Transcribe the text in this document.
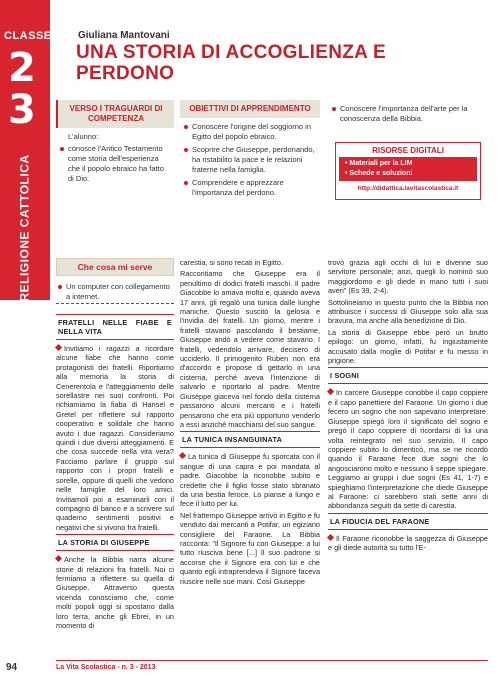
CLASSE
2
3
RELIGIONE CATTOLICA
Giuliana Mantovani
UNA STORIA DI ACCOGLIENZA E PERDONO
VERSO I TRAGUARDI DI COMPETENZA
L'alunno:
conosce l'Antico Testamento come storia dell'esperienza che il popolo ebraico ha fatto di Dio.
OBIETTIVI DI APPRENDIMENTO
Conoscere l'origine del soggiorno in Egitto del popolo ebraico.
Scoprire che Giuseppe, perdonando, ha ristabilito la pace e le relazioni fraterne nella famiglia.
Comprendere e apprezzare l'importanza del perdono.
Conoscere l'importanza dell'arte per la conoscenza della Bibbia.
RISORSE DIGITALI
• Materiali per la LIM
• Schede e soluzioni
http://didattica.lavitascolastica.it
Che cosa mi serve
Un computer con collegamento a internet.
FRATELLI NELLE FIABE E NELLA VITA

Invitiamo i ragazzi a ricordare alcune fiabe che hanno come protagonisti dei fratelli. Riportiamo alla memoria la storia di Cenerentola e l'atteggiamento delle sorellastre nei suoi confronti. Poi richiamiamo la fiaba di Hansel e Gretel per riflettere sul rapporto cooperativo e solidale che hanno avuto i due ragazzi. Consideriamo quindi i due diversi atteggiamenti. E che cosa succede nella vita vera? Facciamo parlare il gruppo sul rapporto con i propri fratelli e sorelle, oppure di quelli che vedono nelle famiglie del loro amici. Invitiamoli poi a esaminarli con il compagno di banco e a scrivere sul quaderno sentimenti positivi e negativi che si vivono fra fratelli.

LA STORIA DI GIUSEPPE

Anche la Bibbia narra alcune storie di relazioni fra fratelli. Noi ci fermiamo a riflettere su quella di Giuseppe. Attraverso questa vicenda conosciamo che, come molti popoli oggi si spostano dalla loro terra, anche gli Ebrei, in un momento di

carestia, si sono recati in Egitto.

Raccontiamo che Giuseppe era il penultimo di dodici fratelli maschi. Il padre Giacobbe lo amava molto e, quando aveva 17 anni, gli regalò una tunica dalle lunghe maniche. Questo suscitò la gelosia e l'invidia dei fratelli. Un giorno, mentre i fratelli stavano pascolando il bestiame, Giuseppe andò a vedere come stavano. I fratelli, vedendolo arrivare, decisero di ucciderlo. Il primogenito Ruben non era d'accordo e propose di gettarlo in una cisterna, perché aveva l'intenzione di salvarlo e riportarlo al padre. Mentre Giuseppe giaceva nel fondo della cisterna passarono alcuni mercanti e i fratelli pensarono che era più opportuno venderlo a essi anziché macchiarsi del suo sangue.

LA TUNICA INSANGUINATA

La tunica di Giuseppe fu sporcata con il sangue di una capra e poi mandata al padre. Giacobbe la riconobbe subito e credette che il figlio fosse stato sbranato da una bestia feroce. Lo pianse a lungo e fece il lutto per lui.

Nel frattempo Giuseppe arrivò in Egitto e fu venduto dai mercanti a Potifar, un egiziano consigliere del Faraone. La Bibbia racconta: "Il Signore fu con Giuseppe: a lui tutto riusciva bene [...] Il suo padrone si accorse che il Signore era con lui e che quanto egli intraprendeva il Signore faceva riuscire nelle sue mani. Così Giuseppe

trovò grazia agli occhi di lui e divenne suo servitore personale; anzi, quegli lo nominò suo maggiordomo e gli diede in mano tutti i suoi averi" (Es 39, 2-4).

Sottolineiamo in questo punto che la Bibbia non attribuisce i successi di Giuseppe solo alla sua bravura, ma anche alla benedizione di Dio.

La storia di Giuseppe ebbe però un brutto epilogo: un giorno, infatti, fu ingiustamente accusato dalla moglie di Potifar e fu messo in prigione.

I SOGNI

In carcere Giuseppe conobbe il capo coppiere e il capo panettiere del Faraone. Un giorno i due fecero un sogno che non sapevano interpretare. Giuseppe spiegò loro il significato del sogno e pregò il capo coppiere di ricordarsi di lui una volta reintegrato nel suo servizio. Il capo coppiere subito lo dimenticò, ma se ne ricordò quando il Faraone fece due sogni che lo angosciarono molto e nessuno li seppe spiegare. Leggiamo ai gruppi i due sogni (Es 41, 1-7) e spieghiamo l'interpretazione che diede Giuseppe al Faraone: ci sarebbero stati sette anni di abbondanza seguiti da sette di carestia.

LA FIDUCIA DEL FARAONE

Il Faraone riconobbe la saggezza di Giuseppe e gli diede autorità su tutto l'E-

94	La Vita Scolastica - n. 3 - 2013
